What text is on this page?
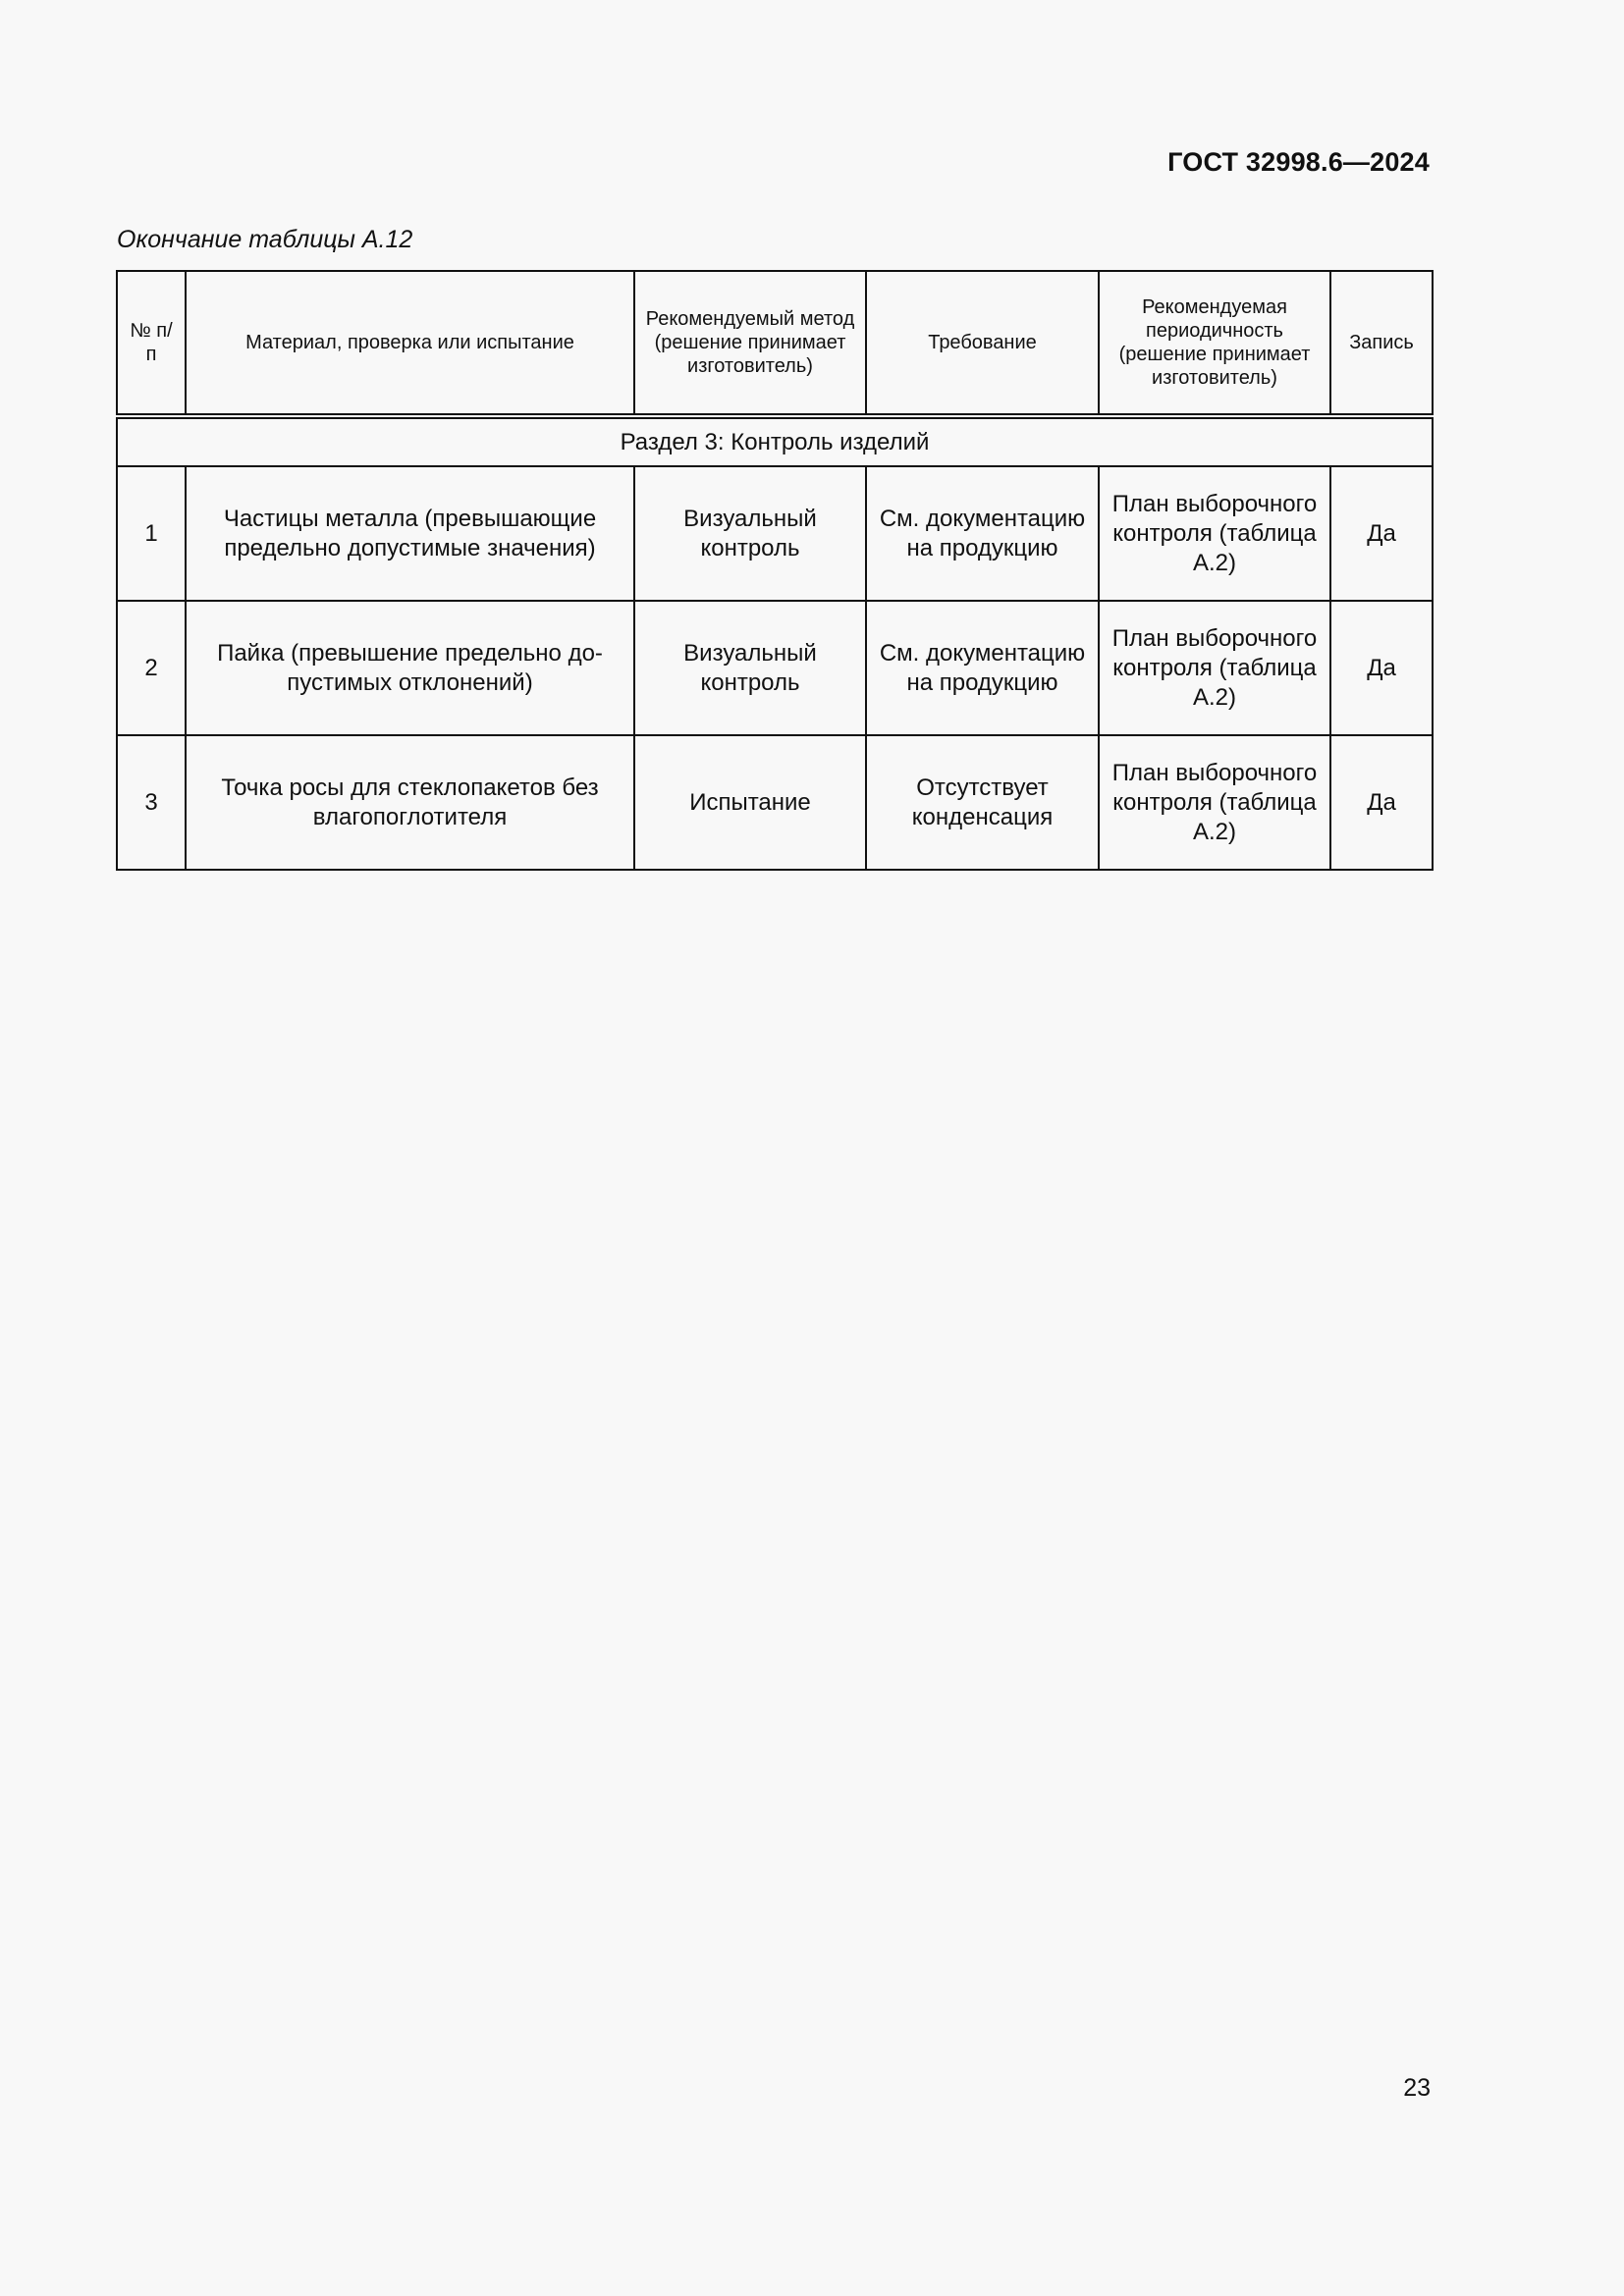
ГОСТ 32998.6—2024
Окончание таблицы А.12
№ п/п	Материал, проверка или испытание	Рекомендуемый метод (решение принимает изготовитель)	Требование	Рекомендуемая периодичность (решение принимает изготовитель)	Запись
Раздел 3: Контроль изделий					
1	Частицы металла (превышающие предельно допустимые значения)	Визуальный контроль	См. документацию на продукцию	План выборочного контроля (таблица А.2)	Да
2	Пайка (превышение предельно допустимых отклонений)	Визуальный контроль	См. документацию на продукцию	План выборочного контроля (таблица А.2)	Да
3	Точка росы для стеклопакетов без влагопоглотителя	Испытание	Отсутствует конденсация	План выборочного контроля (таблица А.2)	Да
23
